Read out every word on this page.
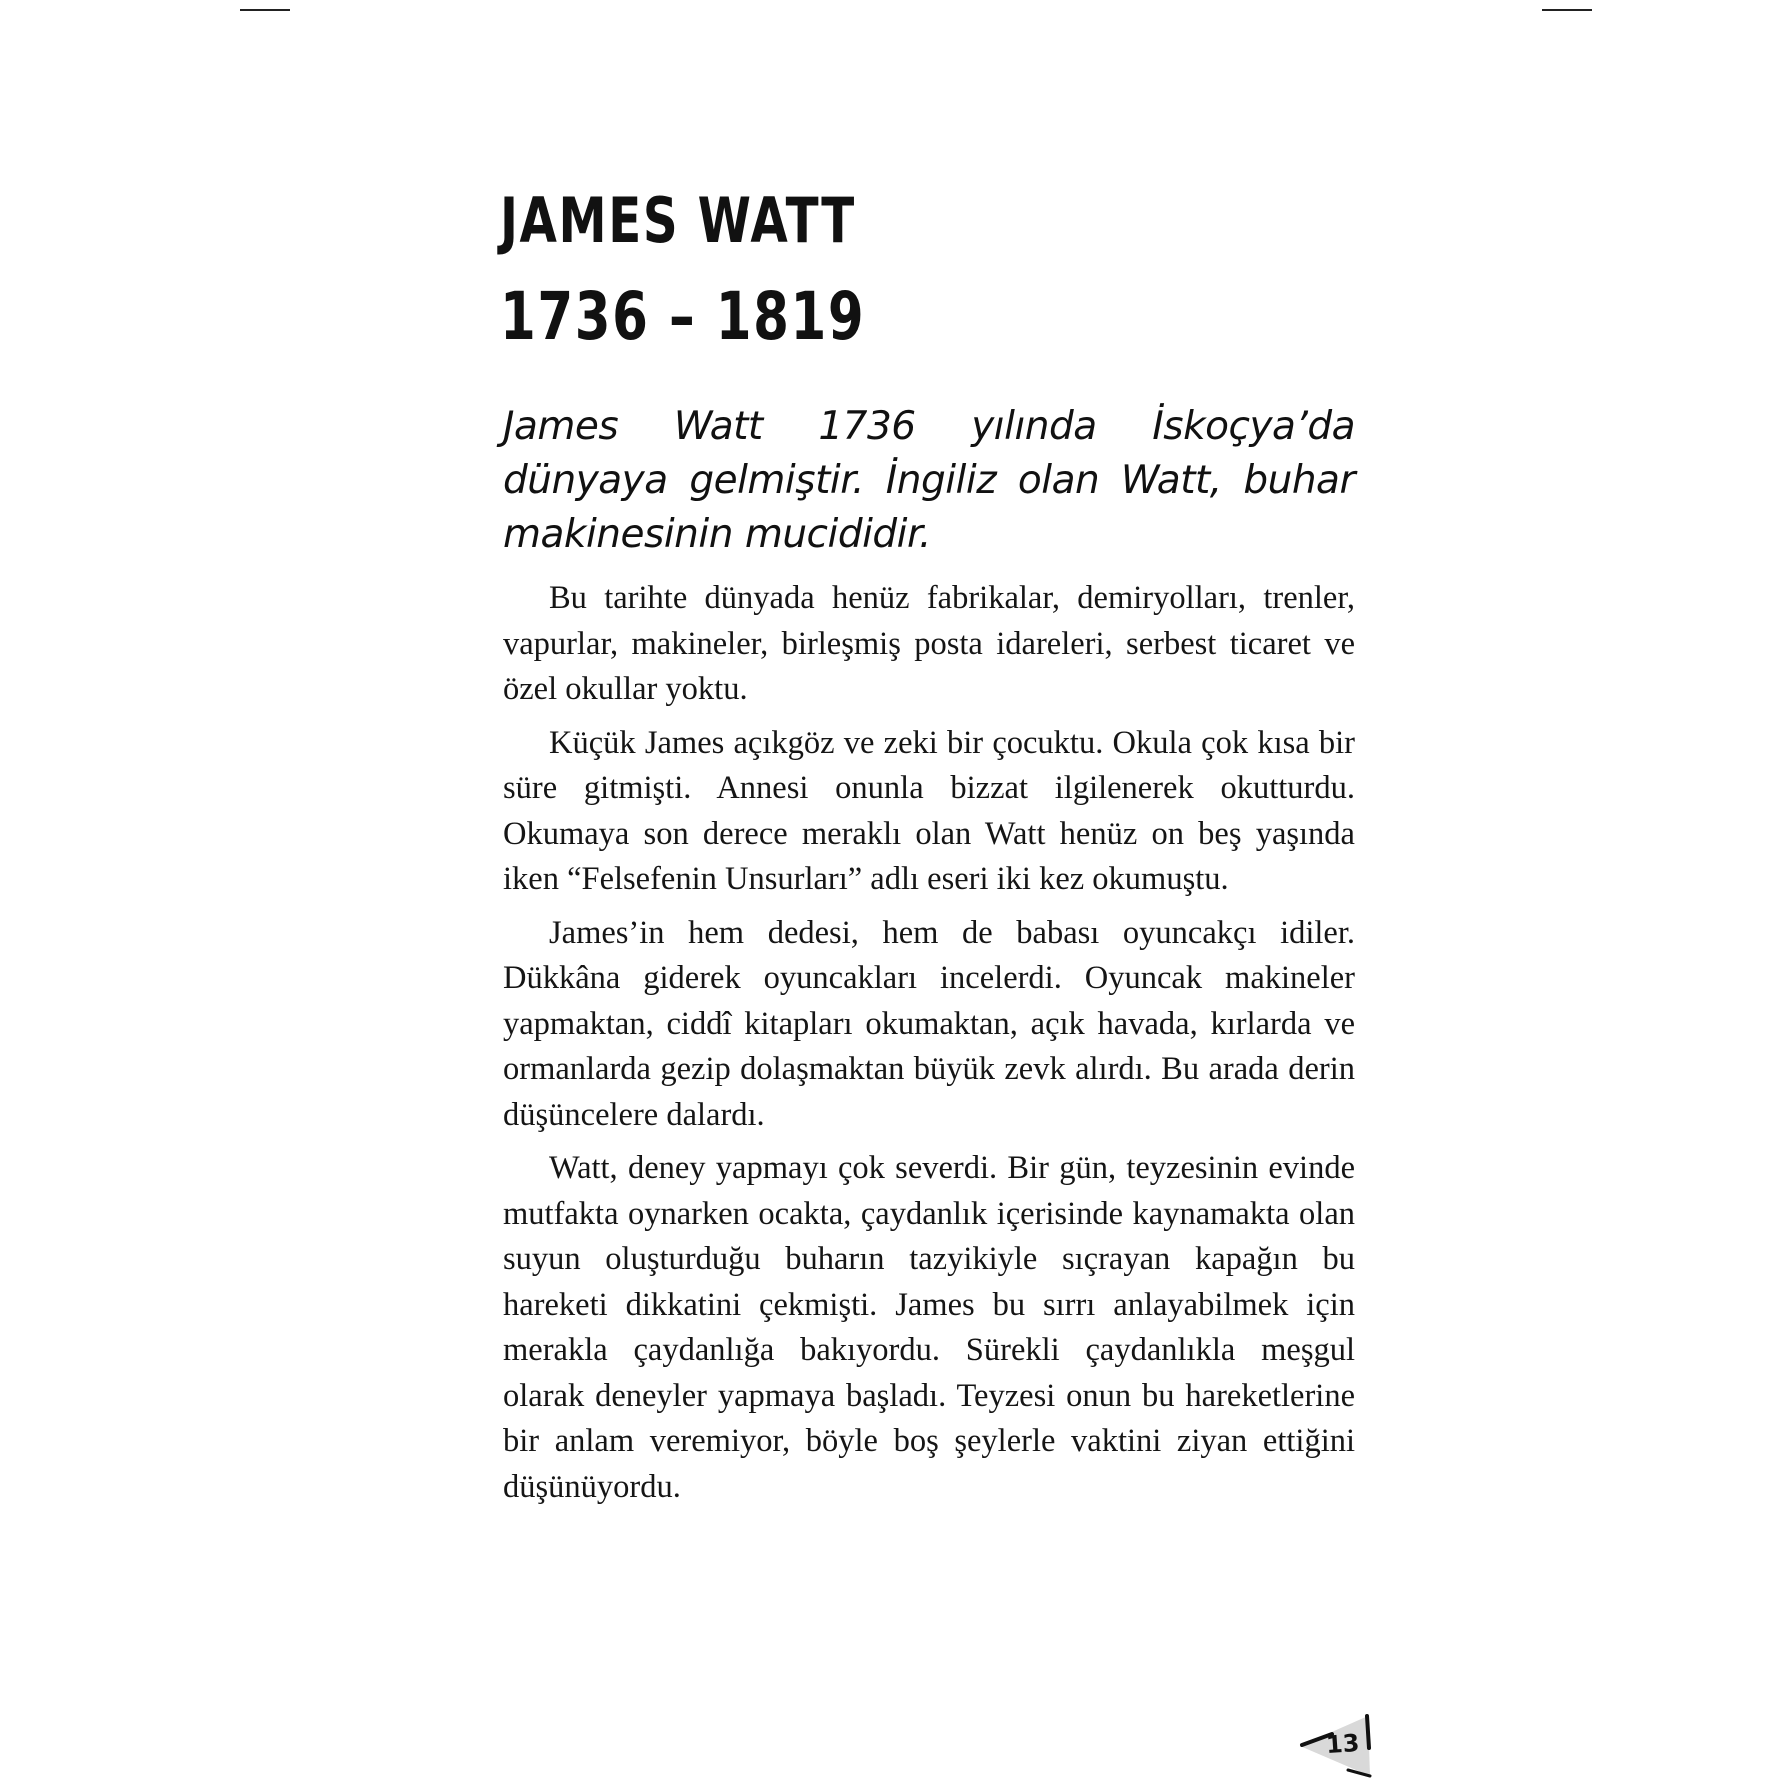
JAMES WATT
1736 – 1819
James Watt 1736 yılında İskoçya’da dünyaya gelmiştir. İngiliz olan Watt, buhar makinesinin mucididir.

Bu tarihte dünyada henüz fabrikalar, demiryolları, trenler, vapurlar, makineler, birleşmiş posta idareleri, serbest ticaret ve özel okullar yoktu.

Küçük James açıkgöz ve zeki bir çocuktu. Okula çok kısa bir süre gitmişti. Annesi onunla bizzat ilgilenerek okutturdu. Okumaya son derece meraklı olan Watt henüz on beş yaşında iken “Felsefenin Unsurları” adlı eseri iki kez okumuştu.

James’in hem dedesi, hem de babası oyuncakçı idiler. Dükkâna giderek oyuncakları incelerdi. Oyuncak makineler yapmaktan, ciddî kitapları okumaktan, açık havada, kırlarda ve ormanlarda gezip dolaşmaktan büyük zevk alırdı. Bu arada derin düşüncelere dalardı.

Watt, deney yapmayı çok severdi. Bir gün, teyzesinin evinde mutfakta oynarken ocakta, çaydanlık içerisinde kaynamakta olan suyun oluşturduğu buharın tazyikiyle sıçrayan kapağın bu hareketi dikkatini çekmişti. James bu sırrı anlayabilmek için merakla çaydanlığa bakıyordu. Sürekli çaydanlıkla meşgul olarak deneyler yapmaya başladı. Teyzesi onun bu hareketlerine bir anlam veremiyor, böyle boş şeylerle vaktini ziyan ettiğini düşünüyordu.

13
